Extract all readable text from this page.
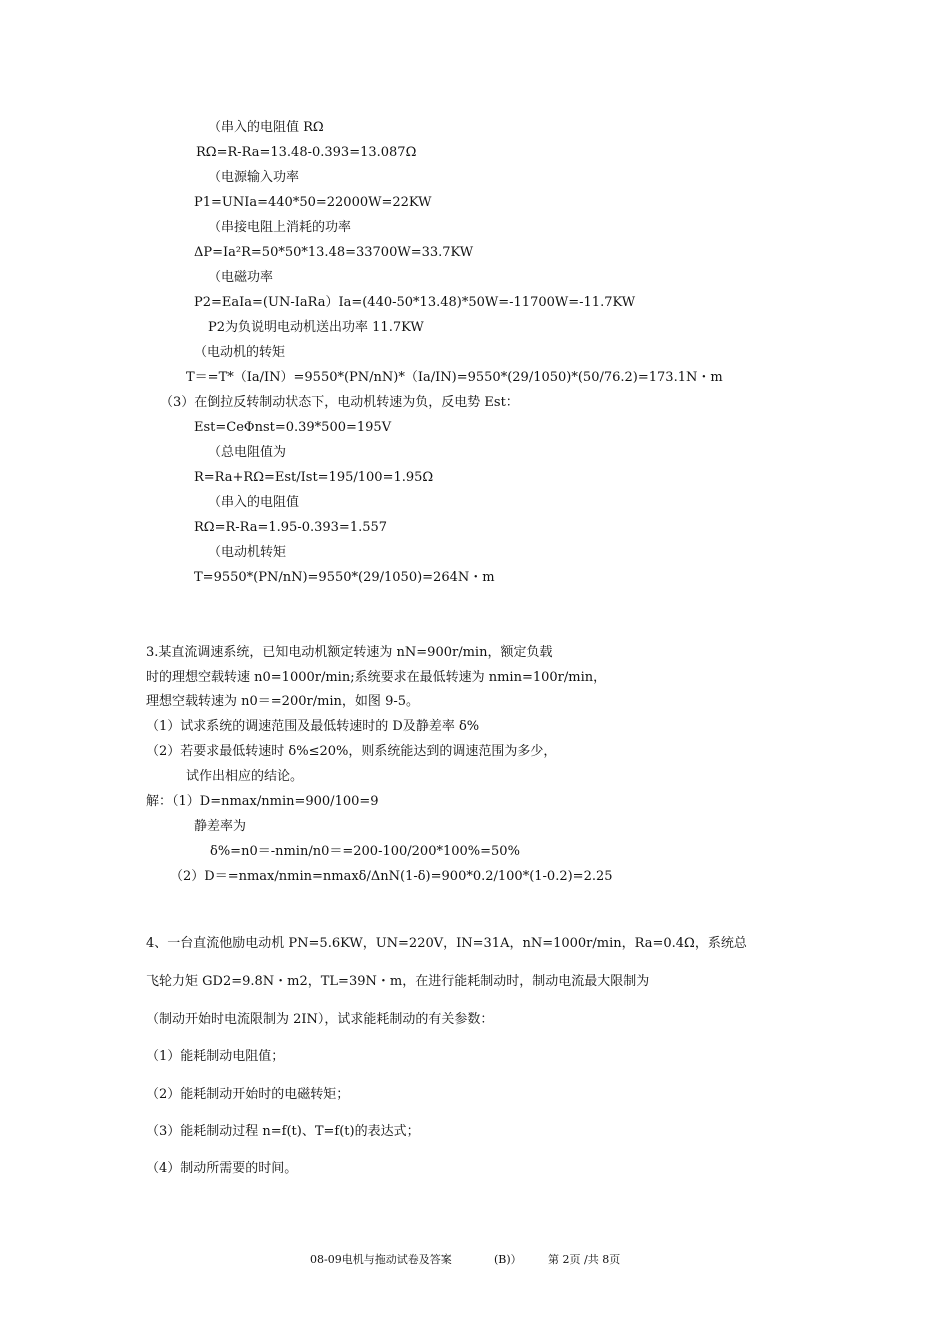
（串入的电阻值 RΩ
RΩ=R-Ra=13.48-0.393=13.087Ω
（电源输入功率
P1=UNIa=440*50=22000W=22KW
（串接电阻上消耗的功率
ΔP=Ia²R=50*50*13.48=33700W=33.7KW
（电磁功率
P2=EaIa=(UN-IaRa）Ia=(440-50*13.48)*50W=-11700W=-11.7KW
P2为负说明电动机送出功率 11.7KW
（电动机的转矩
T＝=T*（Ia/IN）=9550*(PN/nN)*（Ia/IN)=9550*(29/1050)*(50/76.2)=173.1N・m
（3）在倒拉反转制动状态下，电动机转速为负，反电势 Est：
Est=CeΦnst=0.39*500=195V
（总电阻值为
R=Ra+RΩ=Est/Ist=195/100=1.95Ω
（串入的电阻值
RΩ=R-Ra=1.95-0.393=1.557
（电动机转矩
T=9550*(PN/nN)=9550*(29/1050)=264N・m
3.某直流调速系统，已知电动机额定转速为 nN=900r/min，额定负载
时的理想空载转速 n0=1000r/min;系统要求在最低转速为 nmin=100r/min，
理想空载转速为 n0＝=200r/min，如图 9-5。
（1）试求系统的调速范围及最低转速时的 D及静差率 δ%
（2）若要求最低转速时 δ%≤20%，则系统能达到的调速范围为多少，
试作出相应的结论。
解：（1）D=nmax/nmin=900/100=9
静差率为
δ%=n0＝-nmin/n0＝=200-100/200*100%=50%
（2）D＝=nmax/nmin=nmaxδ/ΔnN(1-δ)=900*0.2/100*(1-0.2)=2.25
4、一台直流他励电动机 PN=5.6KW，UN=220V，IN=31A，nN=1000r/min，Ra=0.4Ω，系统总
飞轮力矩 GD2=9.8N・m2，TL=39N・m，在进行能耗制动时，制动电流最大限制为
（制动开始时电流限制为 2IN），试求能耗制动的有关参数：
（1）能耗制动电阻值；
（2）能耗制动开始时的电磁转矩；
（3）能耗制动过程 n=f(t)、T=f(t)的表达式；
（4）制动所需要的时间。
08-09电机与拖动试卷及答案	(B)） 第 2页 /共 8页
